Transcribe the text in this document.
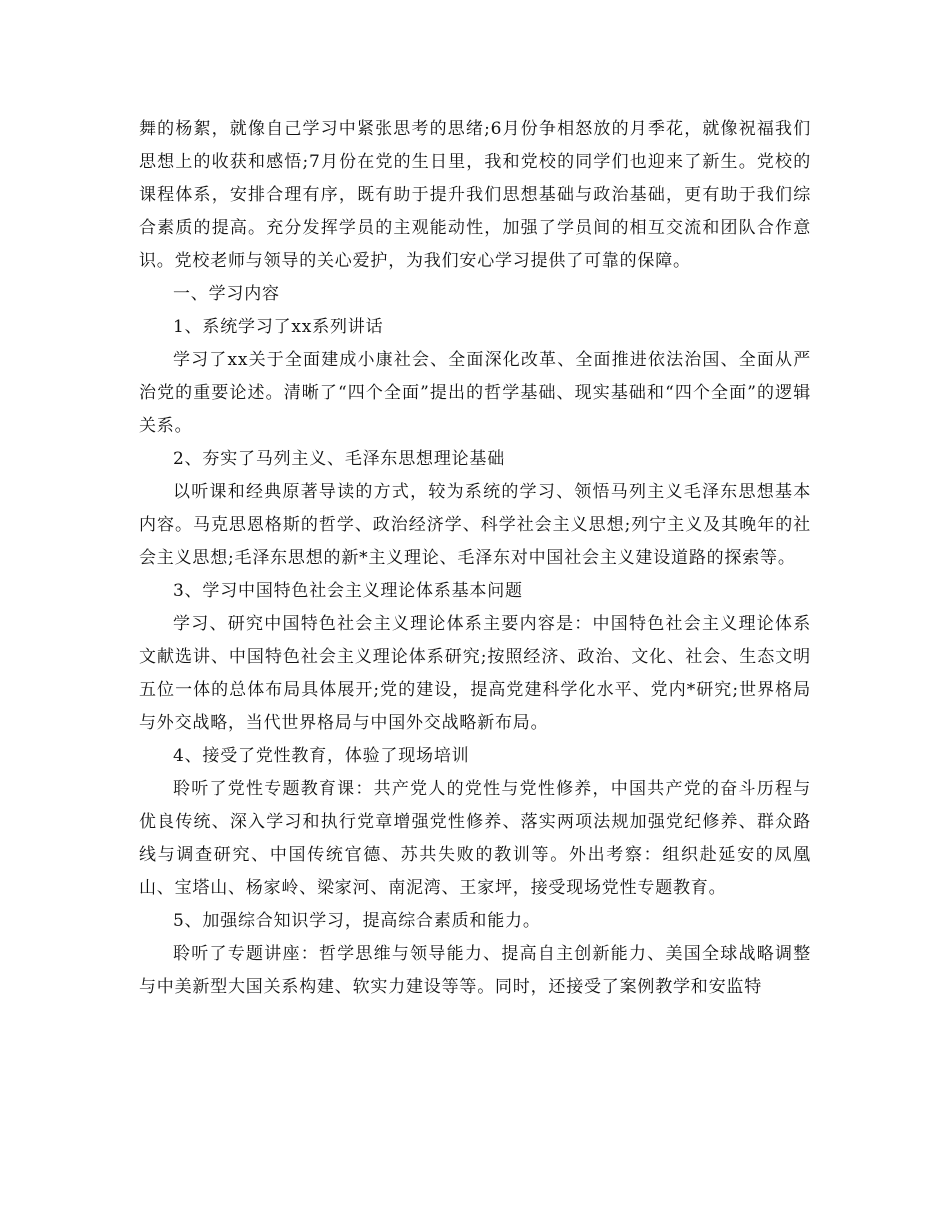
舞的杨絮，就像自己学习中紧张思考的思绪;6月份争相怒放的月季花，就像祝福我们思想上的收获和感悟;7月份在党的生日里，我和党校的同学们也迎来了新生。党校的课程体系，安排合理有序，既有助于提升我们思想基础与政治基础，更有助于我们综合素质的提高。充分发挥学员的主观能动性，加强了学员间的相互交流和团队合作意识。党校老师与领导的关心爱护，为我们安心学习提供了可靠的保障。

一、学习内容

1、系统学习了xx系列讲话

学习了xx关于全面建成小康社会、全面深化改革、全面推进依法治国、全面从严治党的重要论述。清晰了“四个全面”提出的哲学基础、现实基础和“四个全面”的逻辑关系。

2、夯实了马列主义、毛泽东思想理论基础

以听课和经典原著导读的方式，较为系统的学习、领悟马列主义毛泽东思想基本内容。马克思恩格斯的哲学、政治经济学、科学社会主义思想;列宁主义及其晚年的社会主义思想;毛泽东思想的新*主义理论、毛泽东对中国社会主义建设道路的探索等。

3、学习中国特色社会主义理论体系基本问题

学习、研究中国特色社会主义理论体系主要内容是：中国特色社会主义理论体系文献选讲、中国特色社会主义理论体系研究;按照经济、政治、文化、社会、生态文明五位一体的总体布局具体展开;党的建设，提高党建科学化水平、党内*研究;世界格局与外交战略，当代世界格局与中国外交战略新布局。

4、接受了党性教育，体验了现场培训

聆听了党性专题教育课：共产党人的党性与党性修养，中国共产党的奋斗历程与优良传统、深入学习和执行党章增强党性修养、落实两项法规加强党纪修养、群众路线与调查研究、中国传统官德、苏共失败的教训等。外出考察：组织赴延安的凤凰山、宝塔山、杨家岭、梁家河、南泥湾、王家坪，接受现场党性专题教育。

5、加强综合知识学习，提高综合素质和能力。

聆听了专题讲座：哲学思维与领导能力、提高自主创新能力、美国全球战略调整与中美新型大国关系构建、软实力建设等等。同时，还接受了案例教学和安监特
